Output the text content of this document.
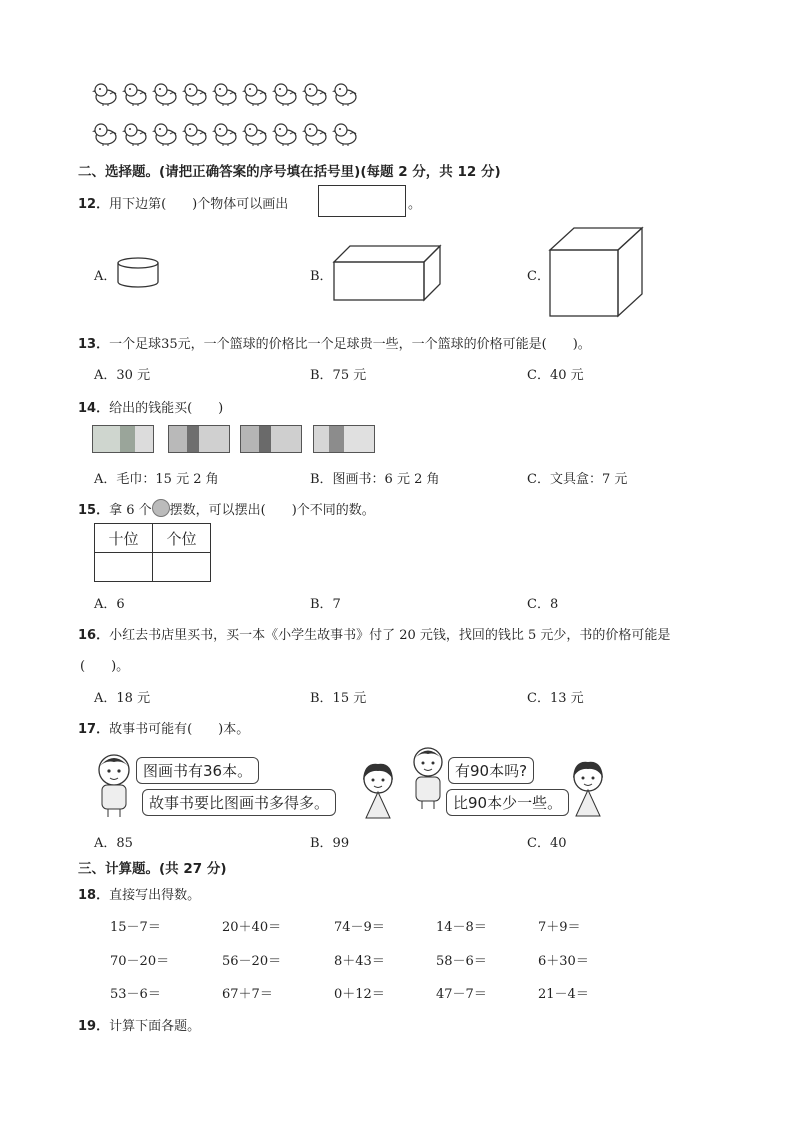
二、选择题。(请把正确答案的序号填在括号里)(每题 2 分，共 12 分)
12．用下边第(　　)个物体可以画出	。
A．	B．	C．
13．一个足球35元，一个篮球的价格比一个足球贵一些，一个篮球的价格可能是(　　)。
A．30 元	B．75 元	C．40 元
14．给出的钱能买(　　)
A．毛巾：15 元 2 角	B．图画书：6 元 2 角	C．文具盒：7 元
15．拿 6 个 摆数，可以摆出(　　)个不同的数。
十位	个位

A．6	B．7	C．8
16．小红去书店里买书，买一本《小学生故事书》付了 20 元钱，找回的钱比 5 元少，书的价格可能是
(　　)。
A．18 元	B．15 元	C．13 元
17．故事书可能有(　　)本。
图画书有36本。
故事书要比图画书多得多。
有90本吗?
比90本少一些。
A．85	B．99	C．40
三、计算题。(共 27 分)
18．直接写出得数。
15－7＝	20＋40＝	74－9＝	14－8＝	7＋9＝
70－20＝	56－20＝	8＋43＝	58－6＝	6＋30＝
53－6＝	67＋7＝	0＋12＝	47－7＝	21－4＝
19．计算下面各题。
